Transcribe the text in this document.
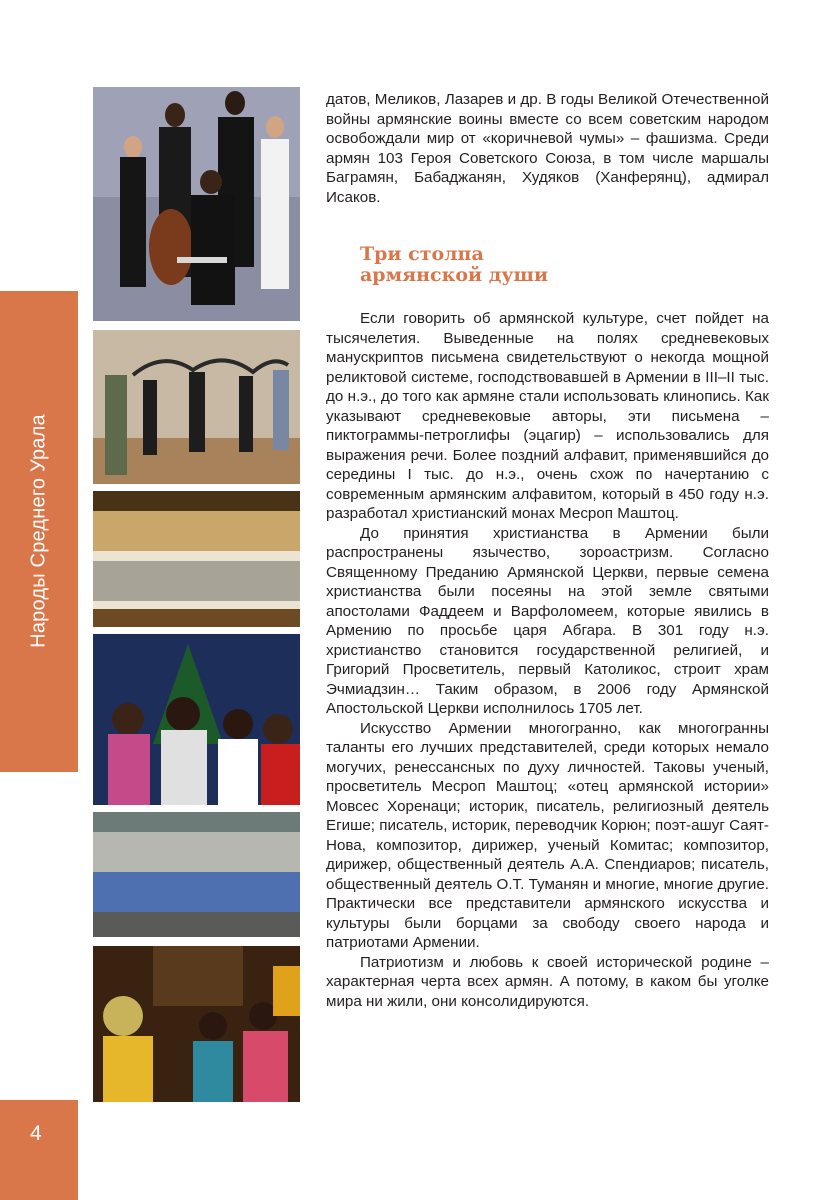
Народы Среднего Урала
4

датов, Меликов, Лазарев и др. В годы Великой Отечественной войны армянские воины вместе со всем советским народом освобождали мир от «коричневой чумы» – фашизма. Среди армян 103 Героя Советского Союза, в том числе маршалы Баграмян, Бабаджанян, Худяков (Ханферянц), адмирал Исаков.

Три столпа
армянской души

Если говорить об армянской культуре, счет пойдет на тысячелетия. Выведенные на полях средневековых манускриптов письмена свидетельствуют о некогда мощной реликтовой системе, господствовавшей в Армении в III–II тыс. до н.э., до того как армяне стали использовать клинопись. Как указывают средневековые авторы, эти письмена – пиктограммы-петроглифы (эцагир) – использовались для выражения речи. Более поздний алфавит, применявшийся до середины I тыс. до н.э., очень схож по начертанию с современным армянским алфавитом, который в 450 году н.э. разработал христианский монах Месроп Маштоц.

До принятия христианства в Армении были распространены язычество, зороастризм. Согласно Священному Преданию Армянской Церкви, первые семена христианства были посеяны на этой земле святыми апостолами Фаддеем и Варфоломеем, которые явились в Армению по просьбе царя Абгара. В 301 году н.э. христианство становится государственной религией, и Григорий Просветитель, первый Католикос, строит храм Эчмиадзин… Таким образом, в 2006 году Армянской Апостольской Церкви исполнилось 1705 лет.

Искусство Армении многогранно, как многогранны таланты его лучших представителей, среди которых немало могучих, ренессансных по духу личностей. Таковы ученый, просветитель Месроп Маштоц; «отец армянской истории» Мовсес Хоренаци; историк, писатель, религиозный деятель Егише; писатель, историк, переводчик Корюн; поэт-ашуг Саят-Нова, композитор, дирижер, ученый Комитас; композитор, дирижер, общественный деятель А.А. Спендиаров; писатель, общественный деятель О.Т. Туманян и многие, многие другие. Практически все представители армянского искусства и культуры были борцами за свободу своего народа и патриотами Армении.

Патриотизм и любовь к своей исторической родине – характерная черта всех армян. А потому, в каком бы уголке мира ни жили, они консолидируются.
